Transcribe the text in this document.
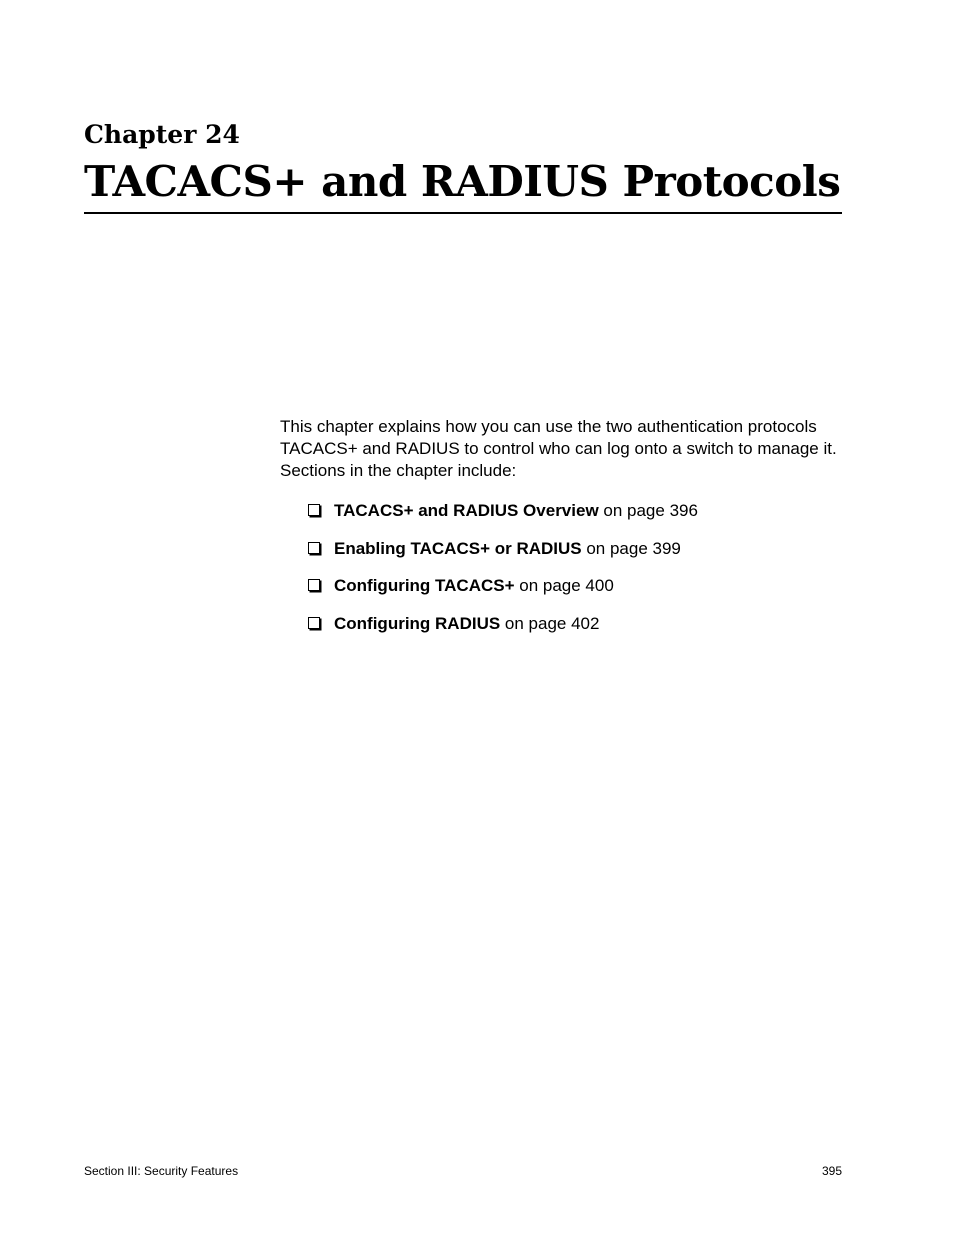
Chapter 24
TACACS+ and RADIUS Protocols

This chapter explains how you can use the two authentication protocols TACACS+ and RADIUS to control who can log onto a switch to manage it. Sections in the chapter include:

TACACS+ and RADIUS Overview on page 396
Enabling TACACS+ or RADIUS on page 399
Configuring TACACS+ on page 400
Configuring RADIUS on page 402
Section III: Security Features	395
